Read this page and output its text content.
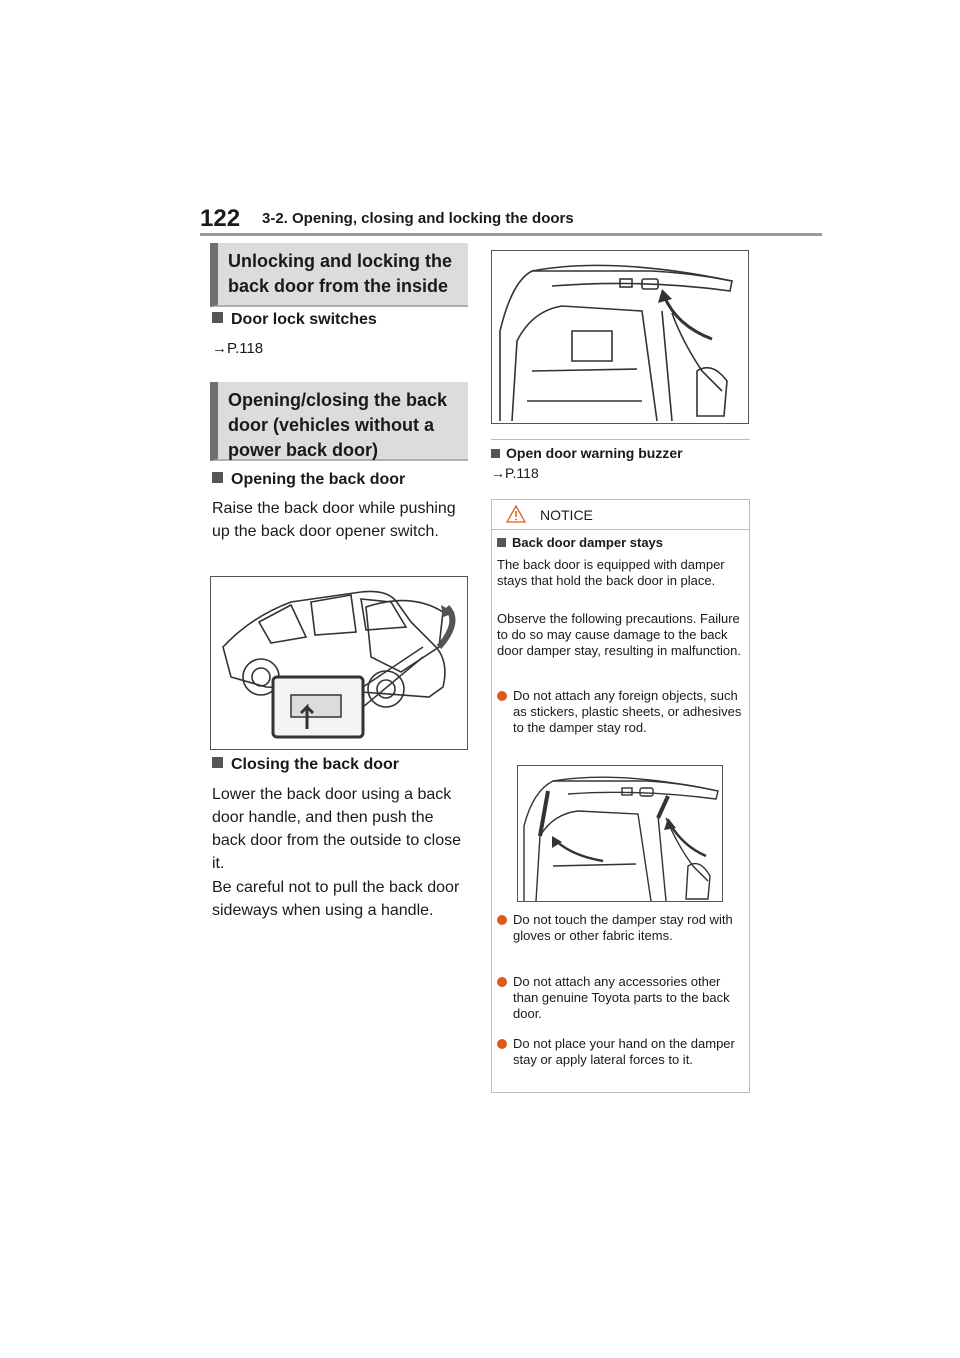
122 3-2. Opening, closing and locking the doors
Unlocking and locking the back door from the inside
Door lock switches
→P.118
Opening/closing the back door (vehicles without a power back door)
Opening the back door
Raise the back door while pushing up the back door opener switch.
Closing the back door
Lower the back door using a back door handle, and then push the back door from the outside to close it.
Be careful not to pull the back door sideways when using a handle.
Open door warning buzzer
→P.118
NOTICE
Back door damper stays
The back door is equipped with damper stays that hold the back door in place.
Observe the following precautions. Failure to do so may cause damage to the back door damper stay, resulting in malfunction.
Do not attach any foreign objects, such as stickers, plastic sheets, or adhesives to the damper stay rod.
Do not touch the damper stay rod with gloves or other fabric items.
Do not attach any accessories other than genuine Toyota parts to the back door.
Do not place your hand on the damper stay or apply lateral forces to it.
